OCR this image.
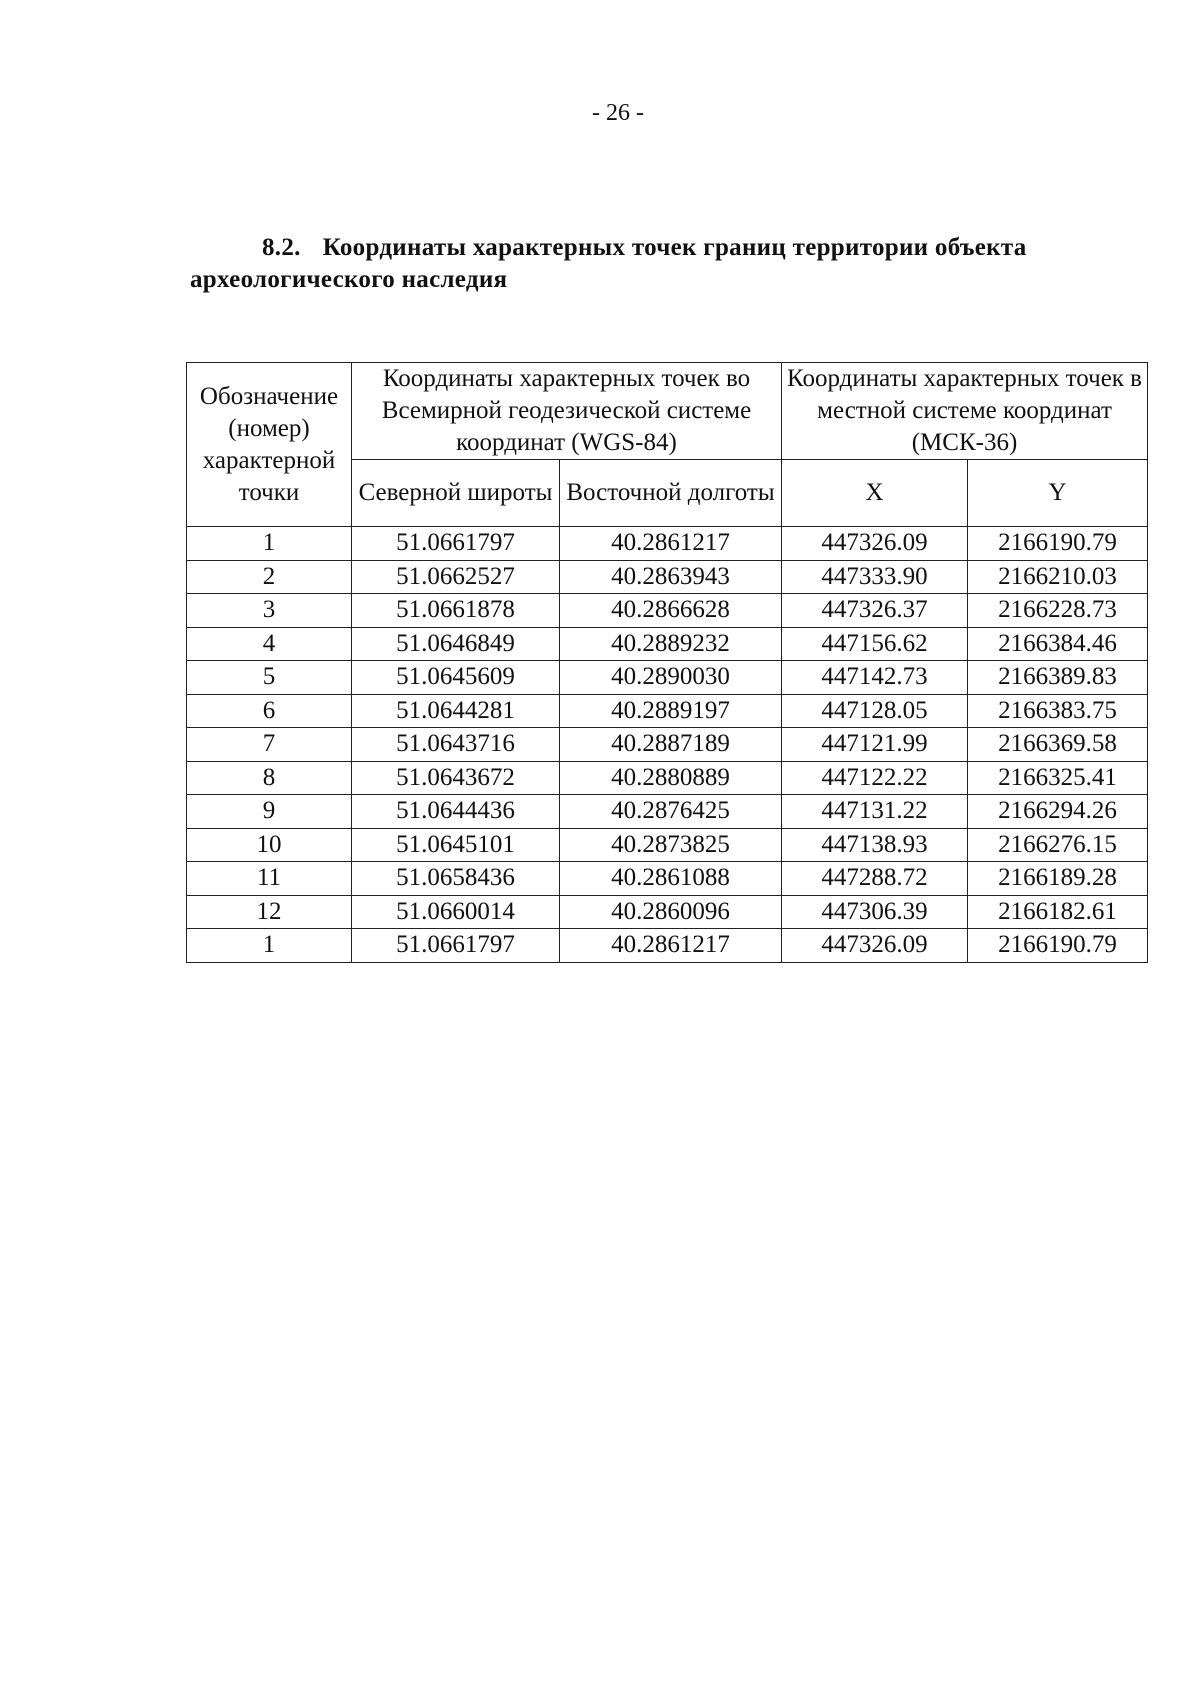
- 26 -
8.2. Координаты характерных точек границ территории объекта археологического наследия
Обозначение (номер) характерной точки	Координаты характерных точек во Всемирной геодезической системе координат (WGS-84)		Координаты характерных точек в местной системе координат (МСК-36)	
	Северной широты	Восточной долготы	X	Y
1	51.0661797	40.2861217	447326.09	2166190.79
2	51.0662527	40.2863943	447333.90	2166210.03
3	51.0661878	40.2866628	447326.37	2166228.73
4	51.0646849	40.2889232	447156.62	2166384.46
5	51.0645609	40.2890030	447142.73	2166389.83
6	51.0644281	40.2889197	447128.05	2166383.75
7	51.0643716	40.2887189	447121.99	2166369.58
8	51.0643672	40.2880889	447122.22	2166325.41
9	51.0644436	40.2876425	447131.22	2166294.26
10	51.0645101	40.2873825	447138.93	2166276.15
11	51.0658436	40.2861088	447288.72	2166189.28
12	51.0660014	40.2860096	447306.39	2166182.61
1	51.0661797	40.2861217	447326.09	2166190.79
